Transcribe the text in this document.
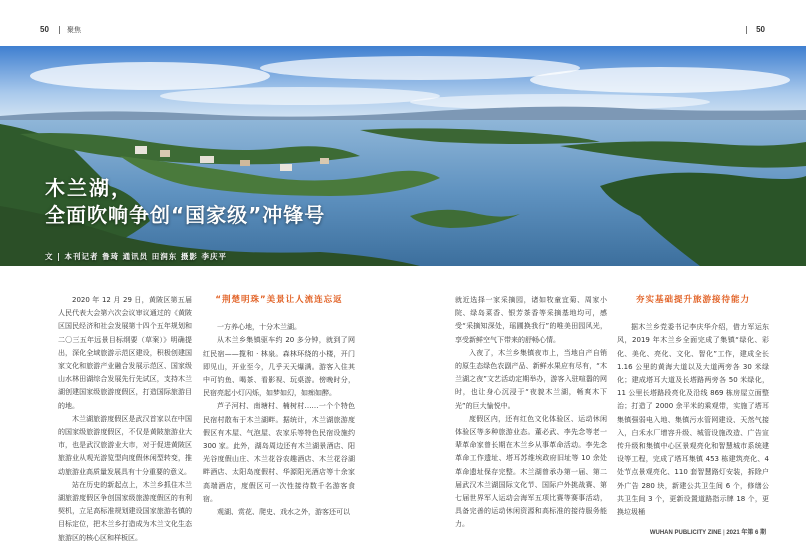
50 | 聚焦	| 50
木兰湖，
全面吹响争创“国家级”冲锋号
文 | 本刊记者 鲁琦 通讯员 田润东 摄影 李庆平

2020 年 12 月 29 日，黄陂区第五届人民代表大会第六次会议审议通过的《黄陂区国民经济和社会发展第十四个五年规划和二〇三五年远景目标纲要（草案）》明确提出，深化全域旅游示范区建设，积极创建国家文化和旅游产业融合发展示范区、国家级山水林田湖综合发展先行先试区，支持木兰湖创建国家级旅游度假区，打造国际旅游目的地。

木兰湖旅游度假区是武汉首家以在中国的国家级旅游度假区，不仅是黄陂旅游业大市，也是武汉旅游业大市，对于促进黄陂区旅游业从观光游览型向度假休闲型转变，推动旅游业高质量发展具有十分重要的意义。

站在历史的新起点上，木兰乡抓住木兰湖旅游度假区争创国家级旅游度假区的有利契机，立足高标准规划建设国家旅游名镇的目标定位，把木兰乡打造成为木兰文化生态旅游区的核心区和样板区。

“荆楚明珠”美景让人流连忘返

一方养心地，十分木兰湖。

从木兰乡集镇驱车约 20 多分钟，就到了网红民宿——揽和 · 林泉。森林环绕的小楼，开门即见山，开业至今，几乎天天爆满。游客入住其中可钓鱼、喝茶、看影视、玩桌游。傍晚时分，民宿亮起小灯闪烁，如梦如幻，如痴如醉。

芦子河村、南塘村、楠树村……一个个特色民宿村散布于木兰湖畔。据统计，木兰湖旅游度假区有木屋、气泡屋、农家乐等特色民宿设施约 300 家。此外，湖岛周边还有木兰湖景酒店、阳光谷度假山庄、木兰花谷农趣酒店、木兰花谷湖畔酒店、太阳岛度假村、华源阳光酒店等十余家高端酒店，度假区可一次性接待数千名游客食宿。

观湖、赏花、爬史、戏水之外，游客还可以

就近选择一家采摘园，诸如牧童宜菊、周家小院、绿岛菜香、银芳茶香等采摘基地均可，感受“采摘知深处，瑶圃换我行”的唯美田园风光，享受新鲜空气下带来的舒畅心情。

入夜了，木兰乡集镇夜市上，当地自产自销的原生态绿色农副产品、新鲜水果应有尽有，“木兰湖之夜”文艺活动定期举办，游客入驻喧嚣的网时，也让身心沉浸于“夜貌木兰湖，畅爽木下光”的巨大愉悦中。

度假区内，还有红色文化体验区、运动休闲体验区等多种旅游业态。董必武、李先念等老一辈革命家曾长期在木兰乡从事革命活动。李先念革命工作遗址、塔耳苏维埃政府旧址等 10 余处革命遗址保存完整。木兰湖曾承办第一届、第二届武汉木兰湖国际文化节、国际户外挑战赛、第七届世界军人运动会海军五项比赛等赛事活动，具备完善的运动休闲资源和高标准的接待服务能力。

夯实基础提升旅游接待能力

据木兰乡党委书记李庆华介绍，借力军运东风，2019 年木兰乡全面完成了集镇“绿化、彩化、美化、亮化、文化、智化”工作，建成全长 1.16 公里的黄海大道以及大道两旁各 30 米绿化；建成塔耳大道及长塔路两旁各 50 米绿化，11 公里长塔路段亮化及沿线 869 栋房屋立面整治；打造了 2000 余平米的乘观带，实施了塔耳集镇强弱电入地、集镇污水管网建设、天然气接入，白禾水厂增容升级、城管设施改造、广告宣传升级和集镇中心区景观亮化和智慧城市系统建设等工程，完成了塔耳集镇 453 栋建筑亮化、4 处节点景观亮化、110 套智慧路灯安装，拆除户外广告 280 块，新建公共卫生间 6 个，修缮公共卫生间 3 个，更新设置道路指示牌 18 个，更换垃圾桶

WUHAN PUBLICITY ZINE | 2021 年第 6 期
